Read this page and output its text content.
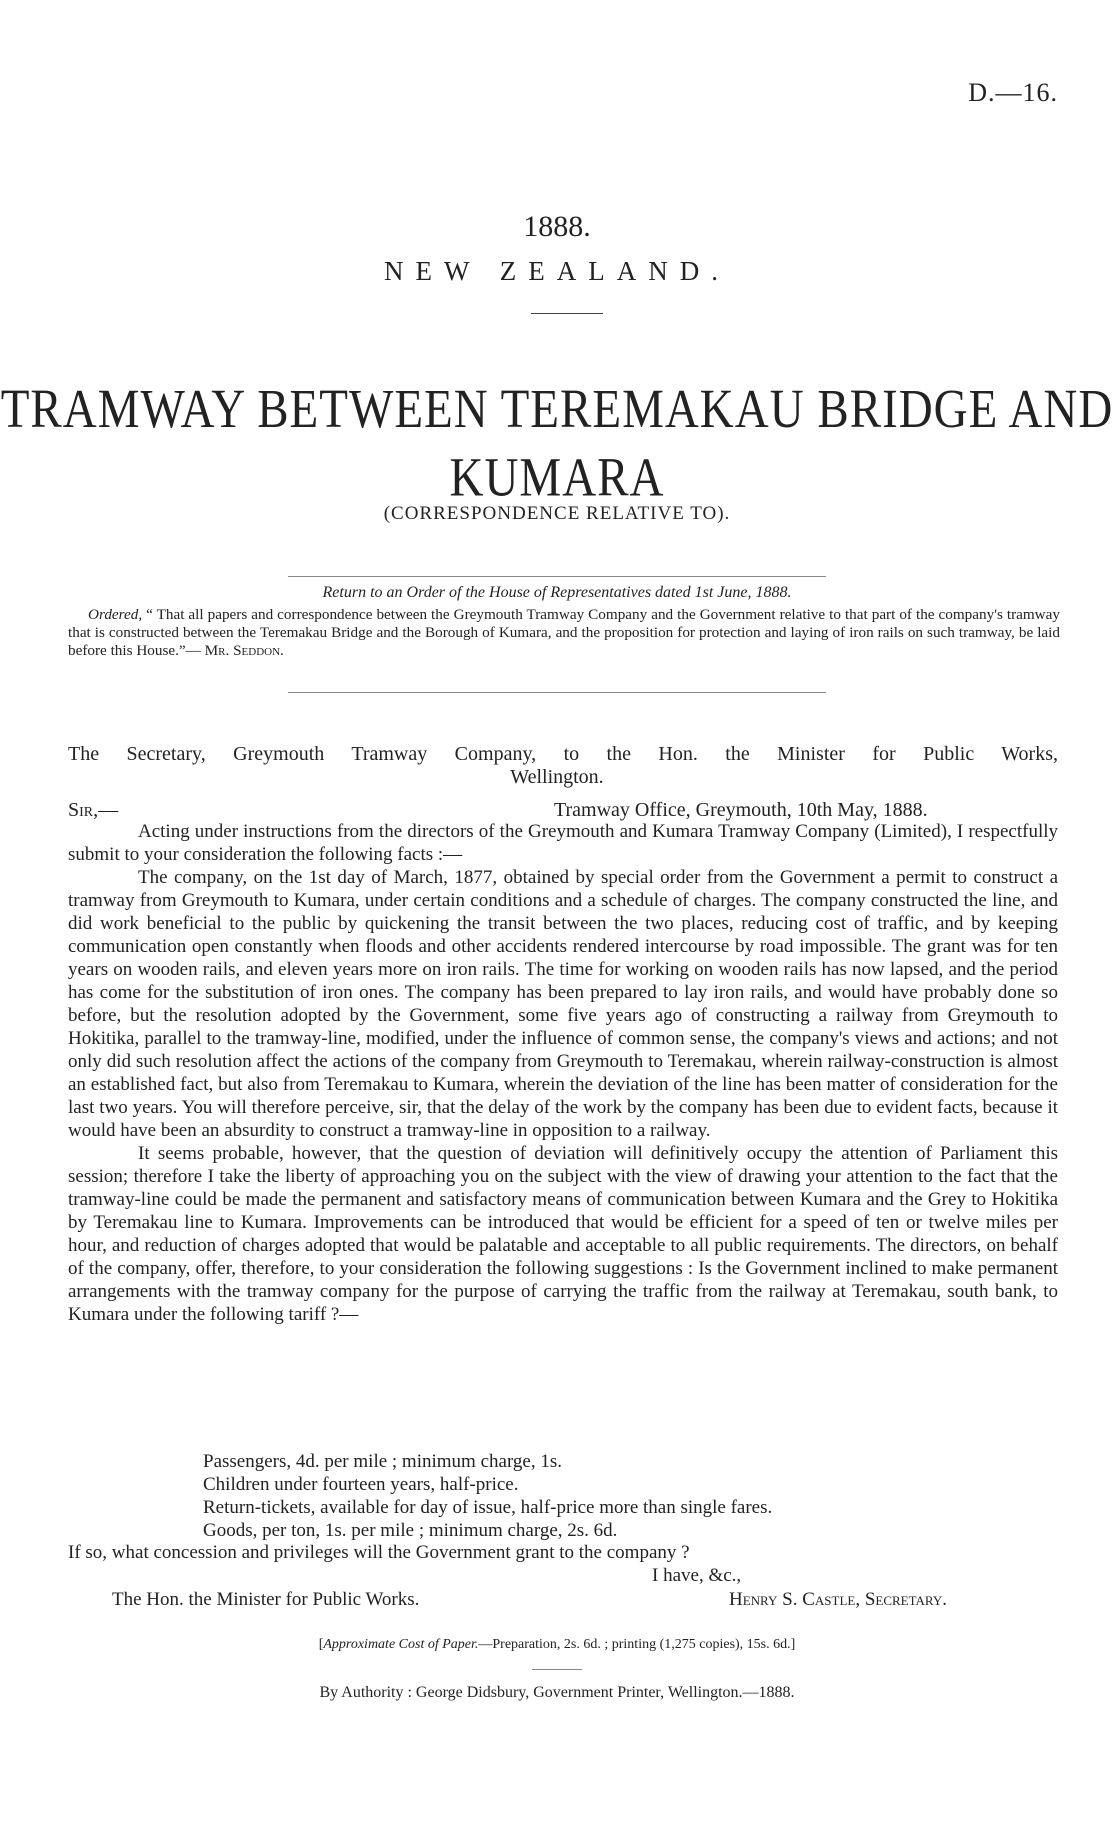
D.—16.
1888.
NEW ZEALAND.
TRAMWAY BETWEEN TEREMAKAU BRIDGE AND
KUMARA
(CORRESPONDENCE RELATIVE TO).
Return to an Order of the House of Representatives dated 1st June, 1888.
Ordered, “ That all papers and correspondence between the Greymouth Tramway Company and the Government relative to that part of the company's tramway that is constructed between the Teremakau Bridge and the Borough of Kumara, and the proposition for protection and laying of iron rails on such tramway, be laid before this House.”— Mr. Seddon.
The Secretary, Greymouth Tramway Company, to the Hon. the Minister for Public Works,
Wellington.
Sir,—	Tramway Office, Greymouth, 10th May, 1888.

Acting under instructions from the directors of the Greymouth and Kumara Tramway Company (Limited), I respectfully submit to your consideration the following facts :—

The company, on the 1st day of March, 1877, obtained by special order from the Government a permit to construct a tramway from Greymouth to Kumara, under certain conditions and a schedule of charges. The company constructed the line, and did work beneficial to the public by quickening the transit between the two places, reducing cost of traffic, and by keeping communication open constantly when floods and other accidents rendered intercourse by road impossible. The grant was for ten years on wooden rails, and eleven years more on iron rails. The time for working on wooden rails has now lapsed, and the period has come for the substitution of iron ones. The company has been prepared to lay iron rails, and would have probably done so before, but the resolution adopted by the Government, some five years ago of constructing a railway from Greymouth to Hokitika, parallel to the tramway-line, modified, under the influence of common sense, the company's views and actions; and not only did such resolution affect the actions of the company from Greymouth to Teremakau, wherein railway-construction is almost an established fact, but also from Teremakau to Kumara, wherein the deviation of the line has been matter of consideration for the last two years. You will therefore perceive, sir, that the delay of the work by the company has been due to evident facts, because it would have been an absurdity to construct a tramway-line in opposition to a railway.

It seems probable, however, that the question of deviation will definitively occupy the attention of Parliament this session; therefore I take the liberty of approaching you on the subject with the view of drawing your attention to the fact that the tramway-line could be made the permanent and satisfactory means of communication between Kumara and the Grey to Hokitika by Teremakau line to Kumara. Improvements can be introduced that would be efficient for a speed of ten or twelve miles per hour, and reduction of charges adopted that would be palatable and acceptable to all public requirements. The directors, on behalf of the company, offer, therefore, to your consideration the following suggestions : Is the Government inclined to make permanent arrangements with the tramway company for the purpose of carrying the traffic from the railway at Teremakau, south bank, to Kumara under the following tariff ?—

Passengers, 4d. per mile ; minimum charge, 1s.
Children under fourteen years, half-price.
Return-tickets, available for day of issue, half-price more than single fares.
Goods, per ton, 1s. per mile ; minimum charge, 2s. 6d.
If so, what concession and privileges will the Government grant to the company ?
I have, &c.,
The Hon. the Minister for Public Works.	Henry S. Castle, Secretary.
[Approximate Cost of Paper.—Preparation, 2s. 6d. ; printing (1,275 copies), 15s. 6d.]
By Authority : George Didsbury, Government Printer, Wellington.—1888.
